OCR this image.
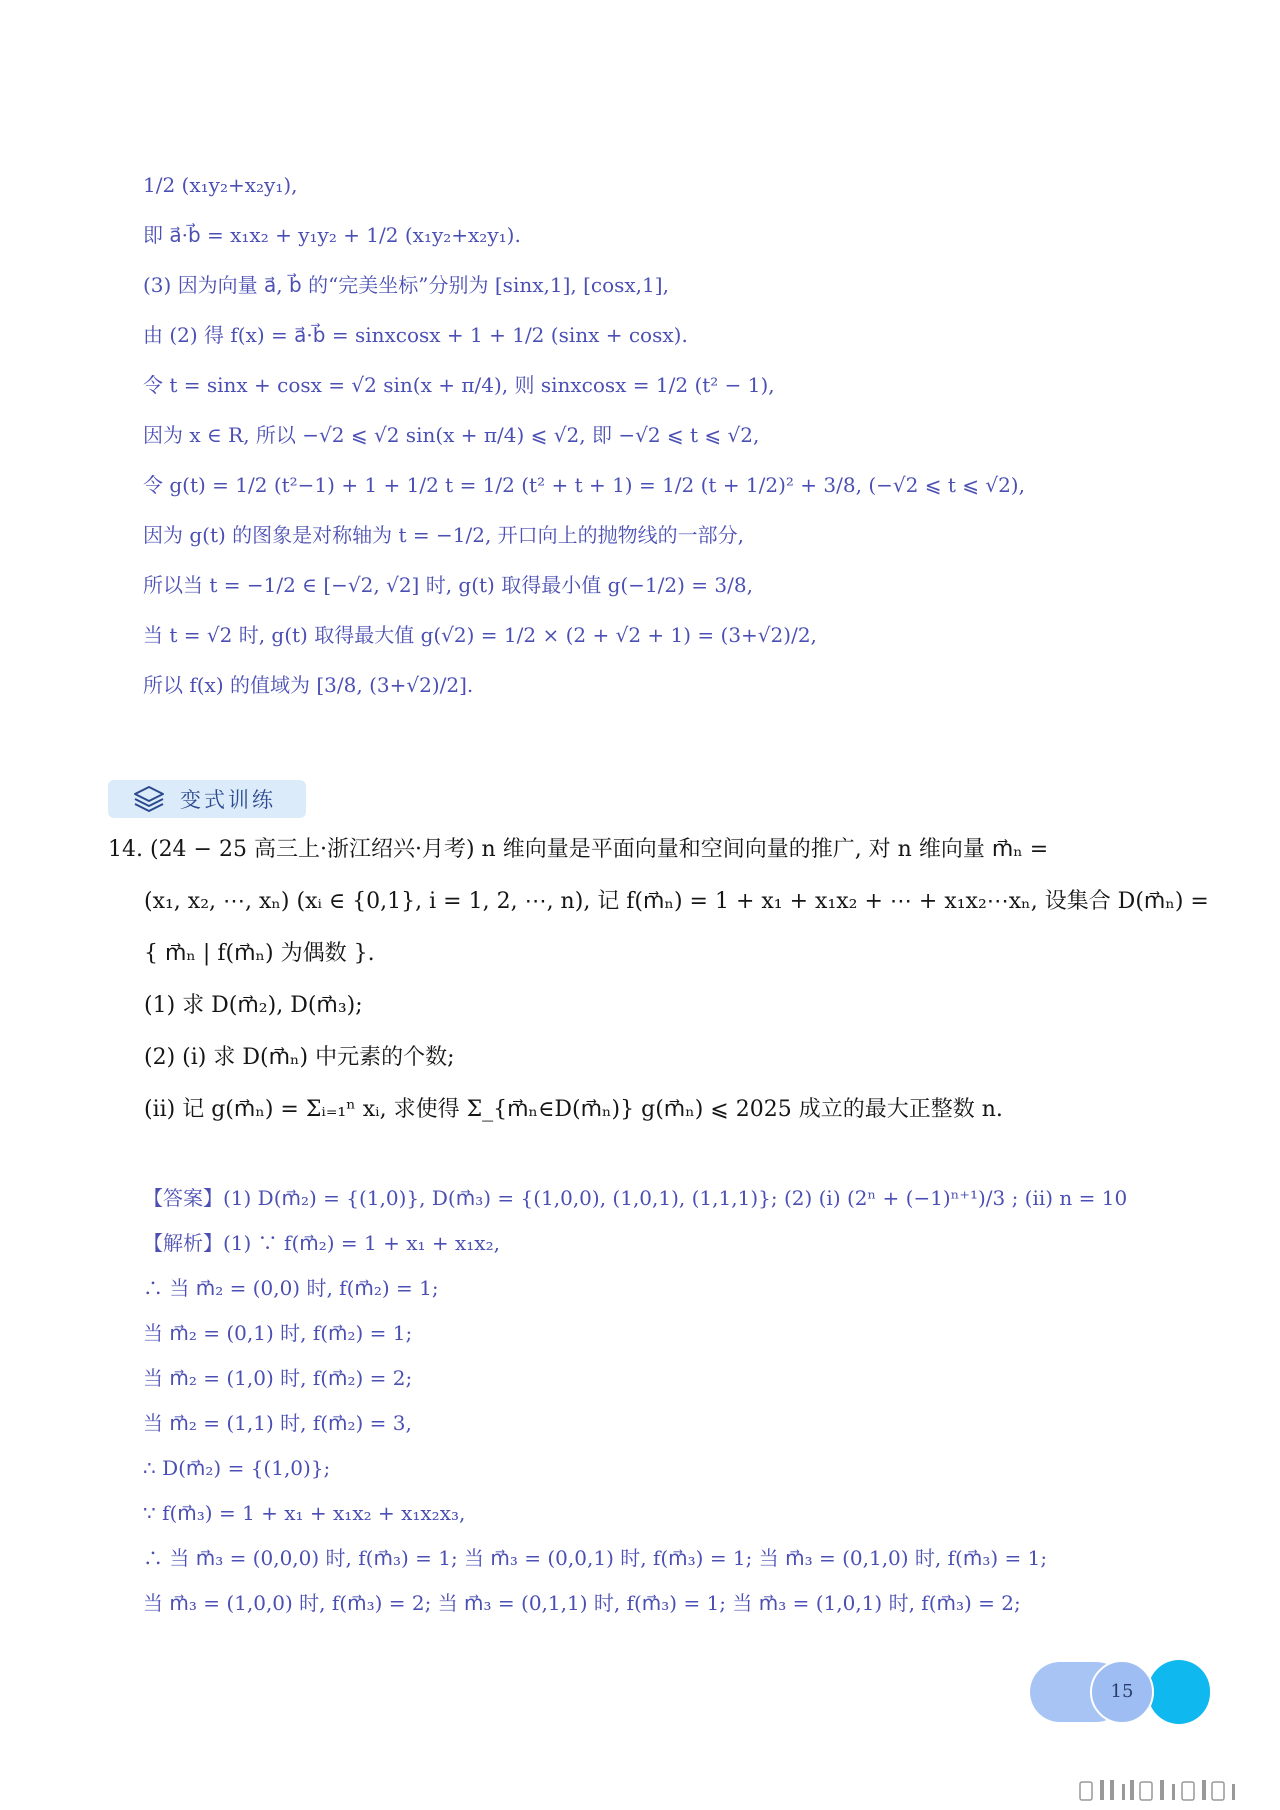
1/2 (x₁y₂+x₂y₁),
即 a⃗·b⃗ = x₁x₂ + y₁y₂ + 1/2 (x₁y₂+x₂y₁).
(3) 因为向量 a⃗, b⃗ 的“完美坐标”分别为 [sinx,1], [cosx,1],
由 (2) 得 f(x) = a⃗·b⃗ = sinxcosx + 1 + 1/2 (sinx + cosx).
令 t = sinx + cosx = √2 sin(x + π/4), 则 sinxcosx = 1/2 (t² − 1),
因为 x ∈ R, 所以 −√2 ⩽ √2 sin(x + π/4) ⩽ √2, 即 −√2 ⩽ t ⩽ √2,
令 g(t) = 1/2 (t²−1) + 1 + 1/2 t = 1/2 (t² + t + 1) = 1/2 (t + 1/2)² + 3/8, (−√2 ⩽ t ⩽ √2),
因为 g(t) 的图象是对称轴为 t = −1/2, 开口向上的抛物线的一部分,
所以当 t = −1/2 ∈ [−√2, √2] 时, g(t) 取得最小值 g(−1/2) = 3/8,
当 t = √2 时, g(t) 取得最大值 g(√2) = 1/2 × (2 + √2 + 1) = (3+√2)/2,
所以 f(x) 的值域为 [3/8, (3+√2)/2].
变式训练
14. (24 − 25 高三上·浙江绍兴·月考) n 维向量是平面向量和空间向量的推广, 对 n 维向量 m⃗ₙ =
(x₁, x₂, ⋯, xₙ) (xᵢ ∈ {0,1}, i = 1, 2, ⋯, n), 记 f(m⃗ₙ) = 1 + x₁ + x₁x₂ + ⋯ + x₁x₂⋯xₙ, 设集合 D(m⃗ₙ) =
{ m⃗ₙ | f(m⃗ₙ) 为偶数 }.
(1) 求 D(m⃗₂), D(m⃗₃);
(2) (i) 求 D(m⃗ₙ) 中元素的个数;
(ii) 记 g(m⃗ₙ) = Σᵢ₌₁ⁿ xᵢ, 求使得 Σ_{m⃗ₙ∈D(m⃗ₙ)} g(m⃗ₙ) ⩽ 2025 成立的最大正整数 n.
【答案】(1) D(m⃗₂) = {(1,0)}, D(m⃗₃) = {(1,0,0), (1,0,1), (1,1,1)}; (2) (i) (2ⁿ + (−1)ⁿ⁺¹)/3 ; (ii) n = 10
【解析】(1) ∵ f(m⃗₂) = 1 + x₁ + x₁x₂,
∴ 当 m⃗₂ = (0,0) 时, f(m⃗₂) = 1;
当 m⃗₂ = (0,1) 时, f(m⃗₂) = 1;
当 m⃗₂ = (1,0) 时, f(m⃗₂) = 2;
当 m⃗₂ = (1,1) 时, f(m⃗₂) = 3,
∴ D(m⃗₂) = {(1,0)};
∵ f(m⃗₃) = 1 + x₁ + x₁x₂ + x₁x₂x₃,
∴ 当 m⃗₃ = (0,0,0) 时, f(m⃗₃) = 1; 当 m⃗₃ = (0,0,1) 时, f(m⃗₃) = 1; 当 m⃗₃ = (0,1,0) 时, f(m⃗₃) = 1;
当 m⃗₃ = (1,0,0) 时, f(m⃗₃) = 2; 当 m⃗₃ = (0,1,1) 时, f(m⃗₃) = 1; 当 m⃗₃ = (1,0,1) 时, f(m⃗₃) = 2;
15
